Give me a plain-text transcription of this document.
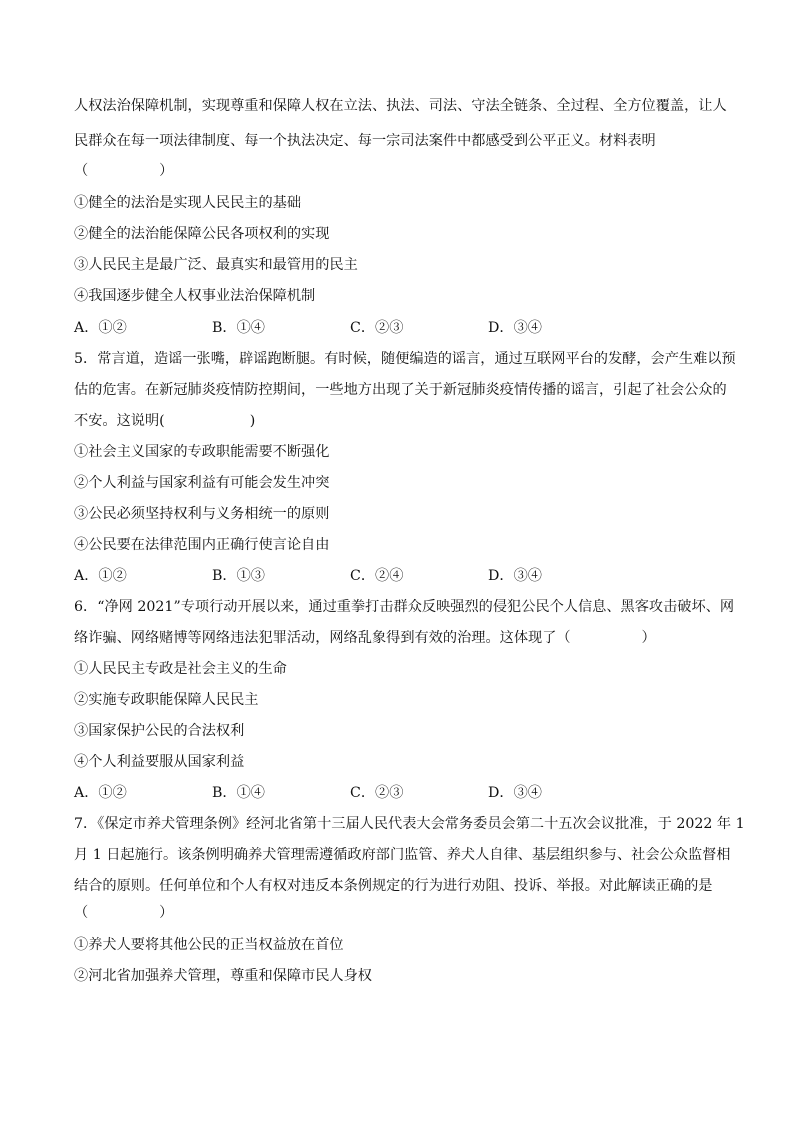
人权法治保障机制，实现尊重和保障人权在立法、执法、司法、守法全链条、全过程、全方位覆盖，让人

民群众在每一项法律制度、每一个执法决定、每一宗司法案件中都感受到公平正义。材料表明

（　　　　　）

①健全的法治是实现人民民主的基础

②健全的法治能保障公民各项权利的实现

③人民民主是最广泛、最真实和最管用的民主

④我国逐步健全人权事业法治保障机制

A．①②	B．①④	C．②③	D．③④

5．常言道，造谣一张嘴，辟谣跑断腿。有时候，随便编造的谣言，通过互联网平台的发酵，会产生难以预

估的危害。在新冠肺炎疫情防控期间，一些地方出现了关于新冠肺炎疫情传播的谣言，引起了社会公众的

不安。这说明(　　　　　　)

①社会主义国家的专政职能需要不断强化

②个人利益与国家利益有可能会发生冲突

③公民必须坚持权利与义务相统一的原则

④公民要在法律范围内正确行使言论自由

A．①②	B．①③	C．②④	D．③④

6．“净网 2021”专项行动开展以来，通过重拳打击群众反映强烈的侵犯公民个人信息、黑客攻击破坏、网

络诈骗、网络赌博等网络违法犯罪活动，网络乱象得到有效的治理。这体现了（　　　　　）

①人民民主专政是社会主义的生命

②实施专政职能保障人民民主

③国家保护公民的合法权利

④个人利益要服从国家利益

A．①②	B．①④	C．②③	D．③④

7．《保定市养犬管理条例》经河北省第十三届人民代表大会常务委员会第二十五次会议批准，于 2022 年 1

月 1 日起施行。该条例明确养犬管理需遵循政府部门监管、养犬人自律、基层组织参与、社会公众监督相

结合的原则。任何单位和个人有权对违反本条例规定的行为进行劝阻、投诉、举报。对此解读正确的是

（　　　　　）

①养犬人要将其他公民的正当权益放在首位

②河北省加强养犬管理，尊重和保障市民人身权
